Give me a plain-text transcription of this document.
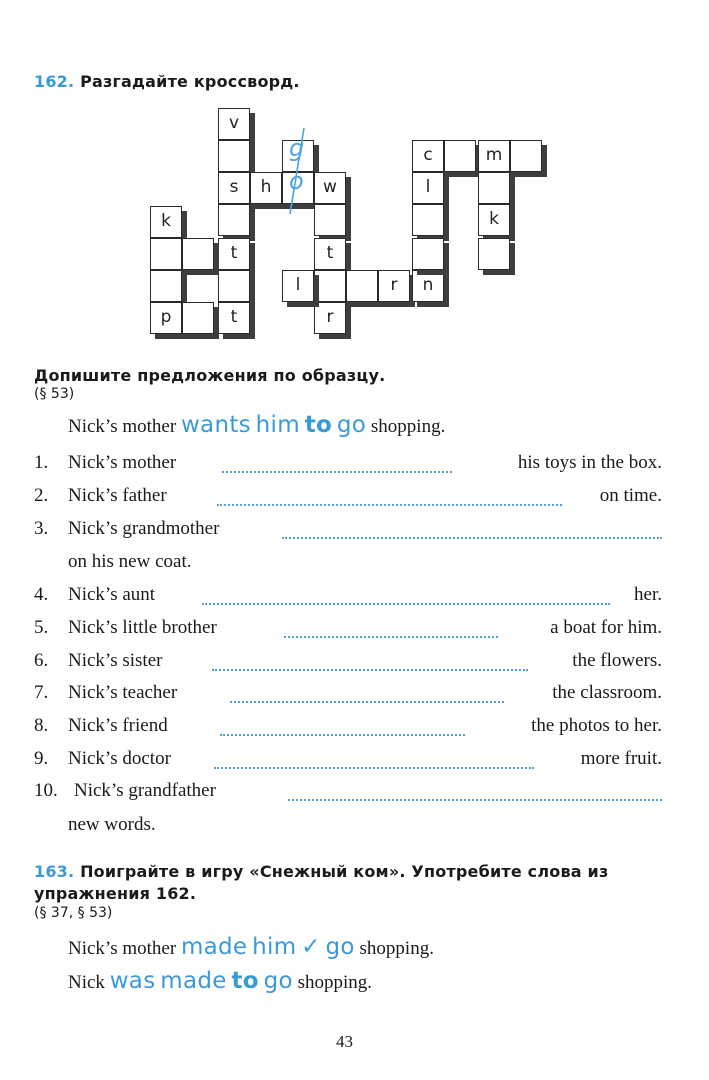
162. Разгадайте кроссворд.
v
s
t
t
h	w
t
r
k
p
l	r	n
c
l
m
k
g
o
Допишите предложения по образцу.
(§ 53)
Nick’s mother wants him to go shopping.
1. Nick’s mother	his toys in the box.
2. Nick’s father	on time.
3. Nick’s grandmother
on his new coat.
4. Nick’s aunt	her.
5. Nick’s little brother	a boat for him.
6. Nick’s sister	the flowers.
7. Nick’s teacher	the classroom.
8. Nick’s friend	the photos to her.
9. Nick’s doctor	more fruit.
10. Nick’s grandfather
new words.
163. Поиграйте в игру «Снежный ком». Употребите слова из
упражнения 162.
(§ 37, § 53)
Nick’s mother made him ✓ go shopping.
Nick was made to go shopping.
43
